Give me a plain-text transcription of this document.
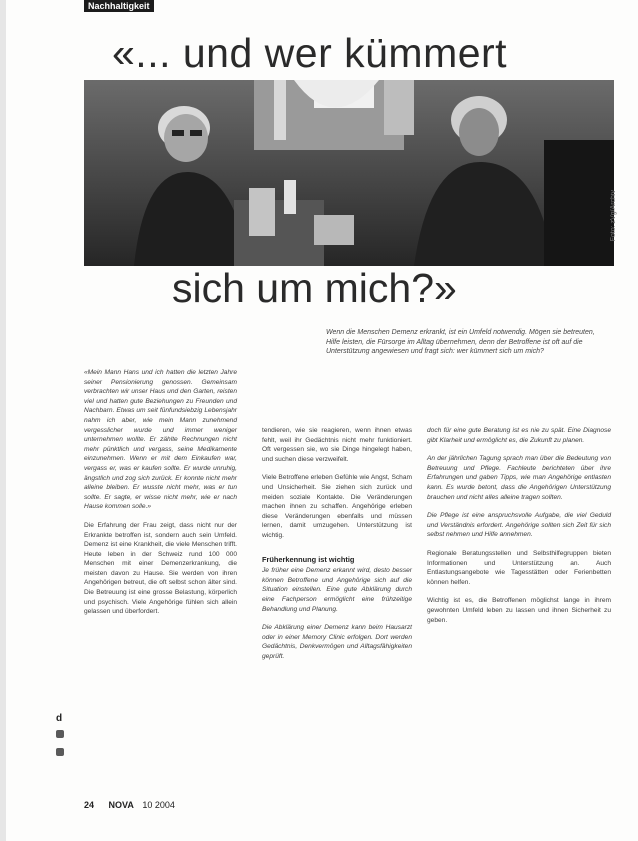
Nachhaltigkeit
«... und wer kümmert
Foto: zVg/Archiv
sich um mich?»
Wenn die Menschen Demenz erkrankt, ist ein Umfeld notwendig. Mögen sie betreuten, Hilfe leisten, die Fürsorge im Alltag übernehmen, denn der Betroffene ist oft auf die Unterstützung angewiesen und fragt sich: wer kümmert sich um mich?

«Mein Mann Hans und ich hatten die letzten Jahre seiner Pensionierung genossen. Gemeinsam verbrachten wir unser Haus und den Garten, reisten viel und hatten gute Beziehungen zu Freunden und Nachbarn. Etwas um seit fünfundsiebzig Lebensjahr nahm ich aber, wie mein Mann zunehmend vergesslicher wurde und immer weniger unternehmen wollte. Er zählte Rechnungen nicht mehr pünktlich und vergass, seine Medikamente einzunehmen. Wenn er mit dem Einkaufen war, vergass er, was er kaufen sollte. Er wurde unruhig, ängstlich und zog sich zurück. Er konnte nicht mehr alleine bleiben. Er wusste nicht mehr, was er tun sollte. Er sagte, er wisse nicht mehr, wie er nach Hause kommen solle.»

Die Erfahrung der Frau zeigt, dass nicht nur der Erkrankte betroffen ist, sondern auch sein Umfeld. Demenz ist eine Krankheit, die viele Menschen trifft. Heute leben in der Schweiz rund 100 000 Menschen mit einer Demenzerkrankung, die meisten davon zu Hause. Sie werden von ihren Angehörigen betreut, die oft selbst schon älter sind. Die Betreuung ist eine grosse Belastung, körperlich und psychisch. Viele Angehörige fühlen sich allein gelassen und überfordert.

tendieren, wie sie reagieren, wenn ihnen etwas fehlt, weil ihr Gedächtnis nicht mehr funktioniert. Oft vergessen sie, wo sie Dinge hingelegt haben, und suchen diese verzweifelt.

Viele Betroffene erleben Gefühle wie Angst, Scham und Unsicherheit. Sie ziehen sich zurück und meiden soziale Kontakte. Die Veränderungen machen ihnen zu schaffen. Angehörige erleben diese Veränderungen ebenfalls und müssen lernen, damit umzugehen. Unterstützung ist wichtig.

Früherkennung ist wichtig

Je früher eine Demenz erkannt wird, desto besser können Betroffene und Angehörige sich auf die Situation einstellen. Eine gute Abklärung durch eine Fachperson ermöglicht eine frühzeitige Behandlung und Planung.

Die Abklärung einer Demenz kann beim Hausarzt oder in einer Memory Clinic erfolgen. Dort werden Gedächtnis, Denkvermögen und Alltagsfähigkeiten geprüft.

doch für eine gute Beratung ist es nie zu spät. Eine Diagnose gibt Klarheit und ermöglicht es, die Zukunft zu planen.

An der jährlichen Tagung sprach man über die Bedeutung von Betreuung und Pflege. Fachleute berichteten über ihre Erfahrungen und gaben Tipps, wie man Angehörige entlasten kann. Es wurde betont, dass die Angehörigen Unterstützung brauchen und nicht alles alleine tragen sollten.

Die Pflege ist eine anspruchsvolle Aufgabe, die viel Geduld und Verständnis erfordert. Angehörige sollten sich Zeit für sich selbst nehmen und Hilfe annehmen.

Regionale Beratungsstellen und Selbsthilfegruppen bieten Informationen und Unterstützung an. Auch Entlastungsangebote wie Tagesstätten oder Ferienbetten können helfen.

Wichtig ist es, die Betroffenen möglichst lange in ihrem gewohnten Umfeld leben zu lassen und ihnen Sicherheit zu geben.

d
24 NOVA 10 2004
